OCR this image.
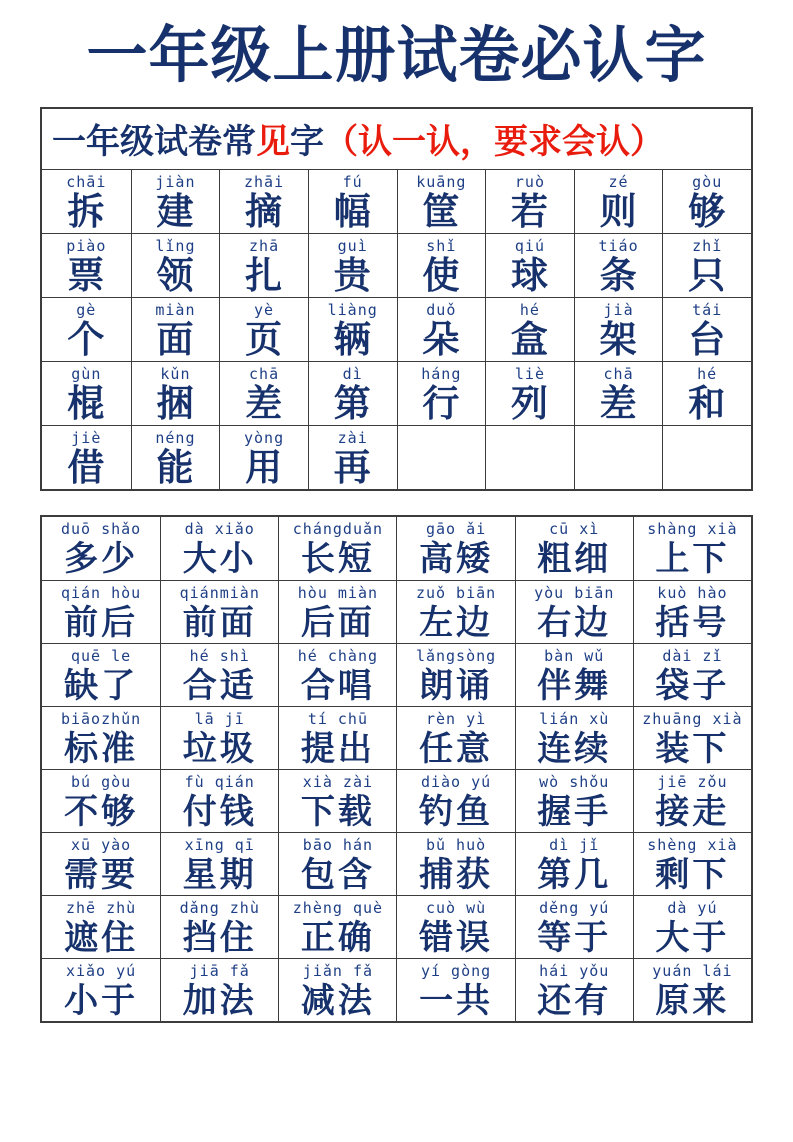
一年级上册试卷必认字
一年级试卷常 见 字 （认一认，要求会认）
chāi
拆
jiàn
建
zhāi
摘
fú
幅
kuāng
筐
ruò
若
zé
则
gòu
够
piào
票
lǐng
领
zhā
扎
guì
贵
shǐ
使
qiú
球
tiáo
条
zhǐ
只
gè
个
miàn
面
yè
页
liàng
辆
duǒ
朵
hé
盒
jià
架
tái
台
gùn
棍
kǔn
捆
chā
差
dì
第
háng
行
liè
列
chā
差
hé
和
jiè
借
néng
能
yòng
用
zài
再
duō shǎo
多少
dà xiǎo
大小
chángduǎn
长短
gāo ǎi
高矮
cū xì
粗细
shàng xià
上下
qián hòu
前后
qiánmiàn
前面
hòu miàn
后面
zuǒ biān
左边
yòu biān
右边
kuò hào
括号
quē le
缺了
hé shì
合适
hé chàng
合唱
lǎngsòng
朗诵
bàn wǔ
伴舞
dài zǐ
袋子
biāozhǔn
标准
lā jī
垃圾
tí chū
提出
rèn yì
任意
lián xù
连续
zhuāng xià
装下
bú gòu
不够
fù qián
付钱
xià zài
下载
diào yú
钓鱼
wò shǒu
握手
jiē zǒu
接走
xū yào
需要
xīng qī
星期
bāo hán
包含
bǔ huò
捕获
dì jǐ
第几
shèng xià
剩下
zhē zhù
遮住
dǎng zhù
挡住
zhèng què
正确
cuò wù
错误
děng yú
等于
dà yú
大于
xiǎo yú
小于
jiā fǎ
加法
jiǎn fǎ
减法
yí gòng
一共
hái yǒu
还有
yuán lái
原来
